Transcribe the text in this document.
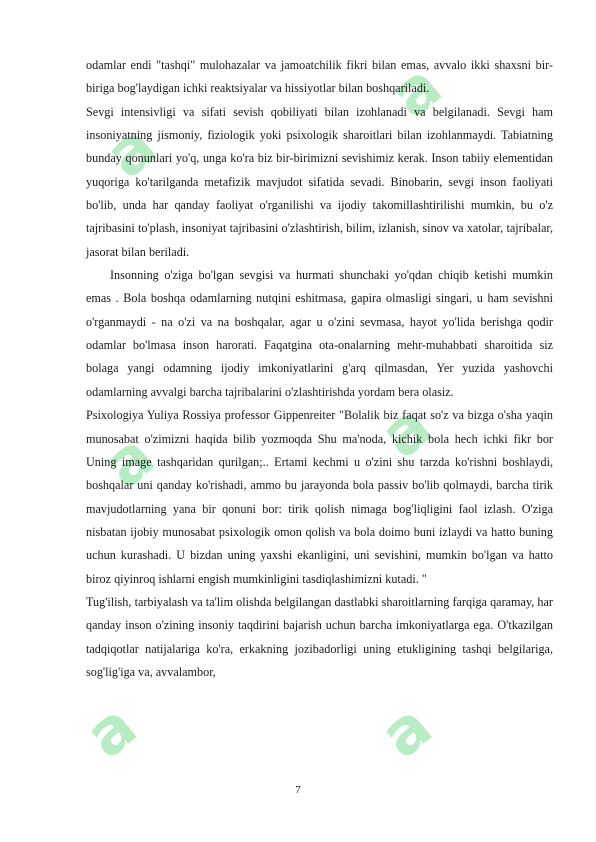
a
a
a	a
a	a

odamlar endi "tashqi" mulohazalar va jamoatchilik fikri bilan emas, avvalo ikki shaxsni bir-biriga bog'laydigan ichki reaktsiyalar va hissiyotlar bilan boshqariladi.

Sevgi intensivligi va sifati sevish qobiliyati bilan izohlanadi va belgilanadi. Sevgi ham insoniyatning jismoniy, fiziologik yoki psixologik sharoitlari bilan izohlanmaydi. Tabiatning bunday qonunlari yo'q, unga ko'ra biz bir-birimizni sevishimiz kerak. Inson tabiiy elementidan yuqoriga ko'tarilganda metafizik mavjudot sifatida sevadi. Binobarin, sevgi inson faoliyati bo'lib, unda har qanday faoliyat o'rganilishi va ijodiy takomillashtirilishi mumkin, bu o'z tajribasini to'plash, insoniyat tajribasini o'zlashtirish, bilim, izlanish, sinov va xatolar, tajribalar, jasorat bilan beriladi.

Insonning o'ziga bo'lgan sevgisi va hurmati shunchaki yo'qdan chiqib ketishi mumkin emas . Bola boshqa odamlarning nutqini eshitmasa, gapira olmasligi singari, u ham sevishni o'rganmaydi - na o'zi va na boshqalar, agar u o'zini sevmasa, hayot yo'lida berishga qodir odamlar bo'lmasa inson harorati. Faqatgina ota-onalarning mehr-muhabbati sharoitida siz bolaga yangi odamning ijodiy imkoniyatlarini g'arq qilmasdan, Yer yuzida yashovchi odamlarning avvalgi barcha tajribalarini o'zlashtirishda yordam bera olasiz.

Psixologiya Yuliya Rossiya professor Gippenreiter "Bolalik biz faqat so'z va bizga o'sha yaqin munosabat o'zimizni haqida bilib yozmoqda Shu ma'noda, kichik bola hech ichki fikr bor Uning image tashqaridan qurilgan;.. Ertami kechmi u o'zini shu tarzda ko'rishni boshlaydi, boshqalar uni qanday ko'rishadi, ammo bu jarayonda bola passiv bo'lib qolmaydi, barcha tirik mavjudotlarning yana bir qonuni bor: tirik qolish nimaga bog'liqligini faol izlash. O'ziga nisbatan ijobiy munosabat psixologik omon qolish va bola doimo buni izlaydi va hatto buning uchun kurashadi. U bizdan uning yaxshi ekanligini, uni sevishini, mumkin bo'lgan va hatto biroz qiyinroq ishlarni engish mumkinligini tasdiqlashimizni kutadi. "

Tug'ilish, tarbiyalash va ta'lim olishda belgilangan dastlabki sharoitlarning farqiga qaramay, har qanday inson o'zining insoniy taqdirini bajarish uchun barcha imkoniyatlarga ega. O'tkazilgan tadqiqotlar natijalariga ko'ra, erkakning jozibadorligi uning etukligining tashqi belgilariga, sog'lig'iga va, avvalambor,

7
